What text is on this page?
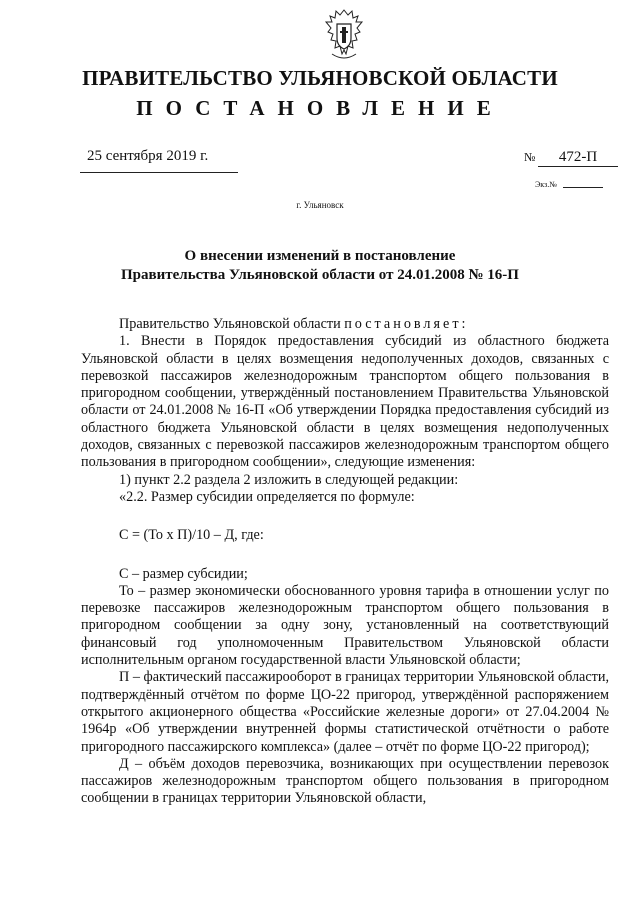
ПРАВИТЕЛЬСТВО УЛЬЯНОВСКОЙ ОБЛАСТИ
ПОСТАНОВЛЕНИЕ
25 сентября 2019 г.	№	472-П
Экз.№
г. Ульяновск
О внесении изменений в постановление
Правительства Ульяновской области от 24.01.2008 № 16-П

Правительство Ульяновской области постановляет:

1. Внести в Порядок предоставления субсидий из областного бюджета Ульяновской области в целях возмещения недополученных доходов, связанных с перевозкой пассажиров железнодорожным транспортом общего пользования в пригородном сообщении, утверждённый постановлением Правительства Ульяновской области от 24.01.2008 № 16-П «Об утверждении Порядка предоставления субсидий из областного бюджета Ульяновской области в целях возмещения недополученных доходов, связанных с перевозкой пассажиров железнодорожным транспортом общего пользования в пригородном сообщении», следующие изменения:

1) пункт 2.2 раздела 2 изложить в следующей редакции:

«2.2. Размер субсидии определяется по формуле:

С = (То х П)/10 – Д, где:

С – размер субсидии;

То – размер экономически обоснованного уровня тарифа в отношении услуг по перевозке пассажиров железнодорожным транспортом общего пользования в пригородном сообщении за одну зону, установленный на соответствующий финансовый год уполномоченным Правительством Ульяновской области исполнительным органом государственной власти Ульяновской области;

П – фактический пассажирооборот в границах территории Ульяновской области, подтверждённый отчётом по форме ЦО-22 пригород, утверждённой распоряжением открытого акционерного общества «Российские железные дороги» от 27.04.2004 № 1964р «Об утверждении внутренней формы статистической отчётности о работе пригородного пассажирского комплекса» (далее – отчёт по форме ЦО-22 пригород);

Д – объём доходов перевозчика, возникающих при осуществлении перевозок пассажиров железнодорожным транспортом общего пользования в пригородном сообщении в границах территории Ульяновской области,
